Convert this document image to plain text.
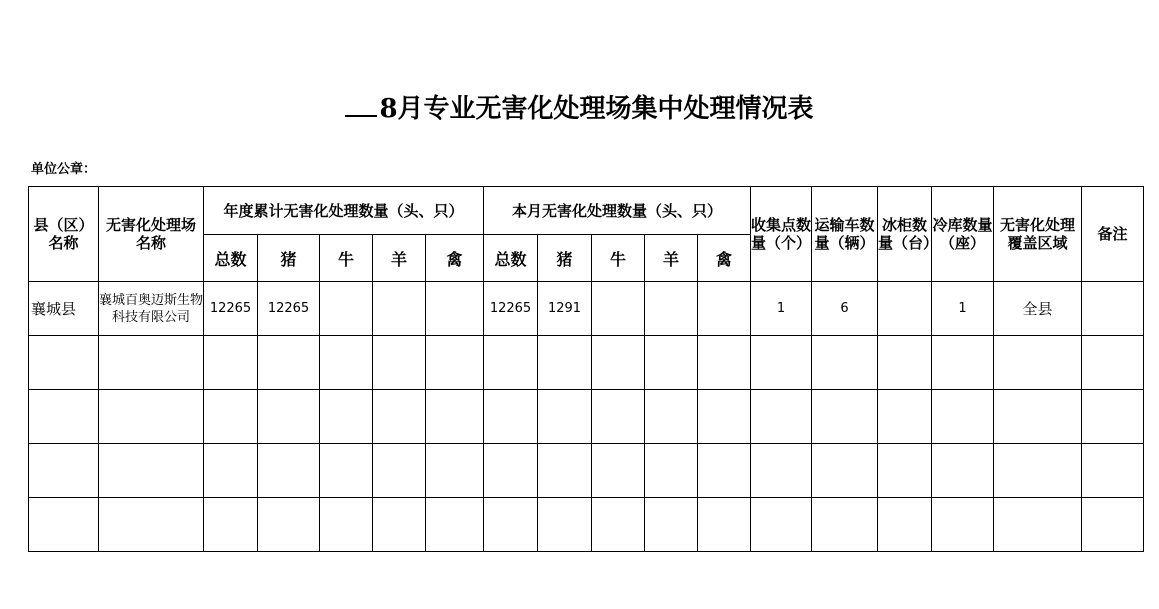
8月专业无害化处理场集中处理情况表
单位公章：
县（区）名称	无害化处理场名称	年度累计无害化处理数量（头、只）					本月无害化处理数量（头、只）					收集点数量（个）	运输车数量（辆）	冰柜数量（台）	冷库数量（座）	无害化处理覆盖区域	备注
		总数	猪	牛	羊	禽	总数	猪	牛	羊	禽						
襄城县	襄城百奥迈斯生物科技有限公司	12265	12265				12265	1291				1	6		1	全县	
